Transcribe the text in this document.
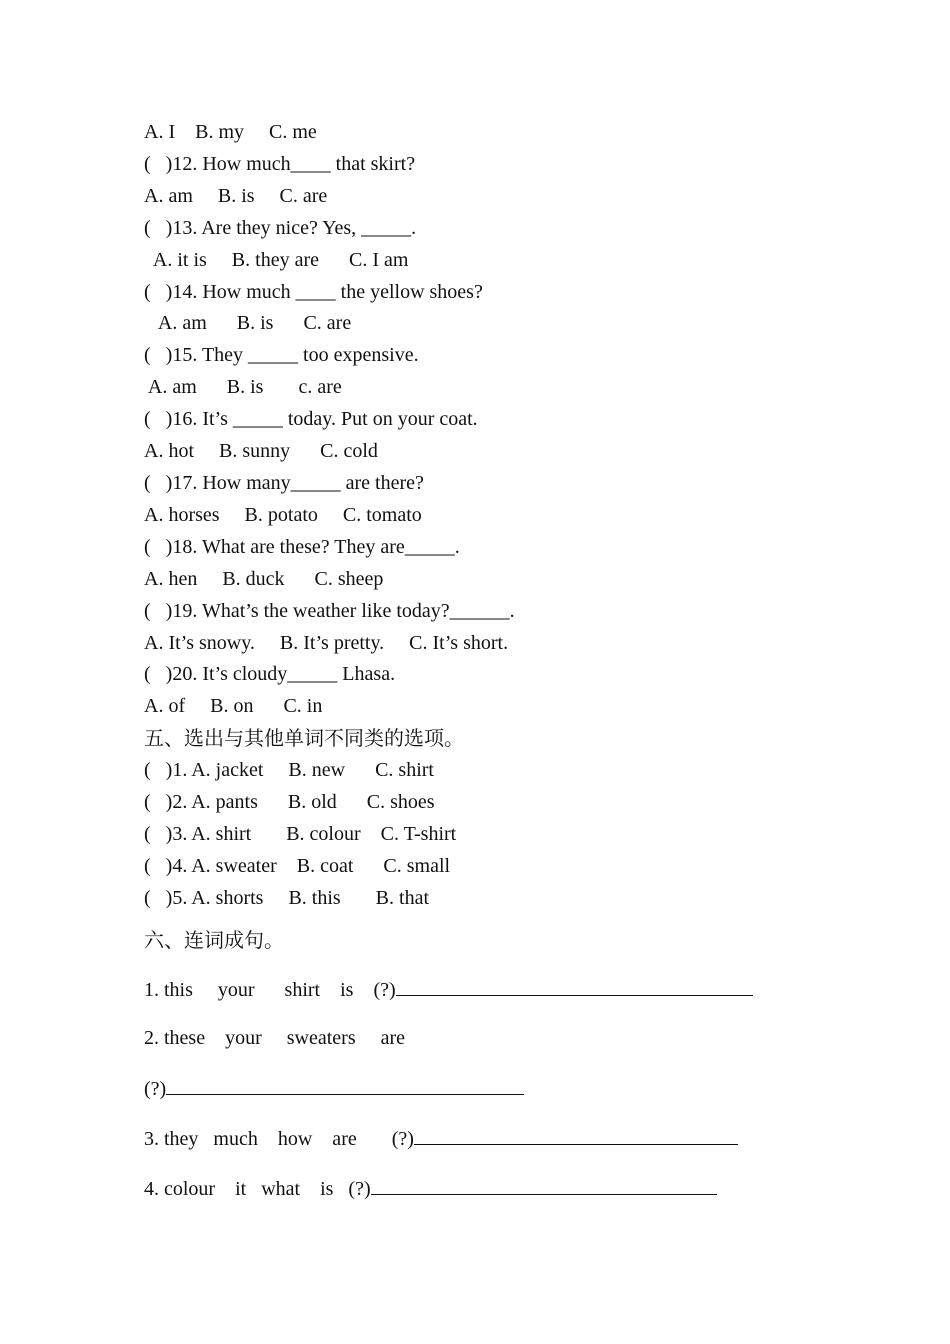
A. I    B. my     C. me

(   )12. How much____ that skirt?

A. am     B. is     C. are

(   )13. Are they nice? Yes, _____.

A. it is     B. they are      C. I am

(   )14. How much ____ the yellow shoes?

A. am      B. is      C. are

(   )15. They _____ too expensive.

A. am      B. is       c. are

(   )16. It’s _____ today. Put on your coat.

A. hot     B. sunny      C. cold

(   )17. How many_____ are there?

A. horses     B. potato     C. tomato

(   )18. What are these? They are_____.

A. hen     B. duck      C. sheep

(   )19. What’s the weather like today?______.

A. It’s snowy.     B. It’s pretty.     C. It’s short.

(   )20. It’s cloudy_____ Lhasa.

A. of     B. on      C. in

五、选出与其他单词不同类的选项。

(   )1. A. jacket     B. new      C. shirt

(   )2. A. pants      B. old      C. shoes

(   )3. A. shirt       B. colour    C. T-shirt

(   )4. A. sweater    B. coat      C. small

(   )5. A. shorts     B. this       B. that

六、连词成句。

1. this     your      shirt    is    (?)

2. these    your     sweaters     are

(?)

3. they   much    how    are       (?)

4. colour    it   what    is   (?)
